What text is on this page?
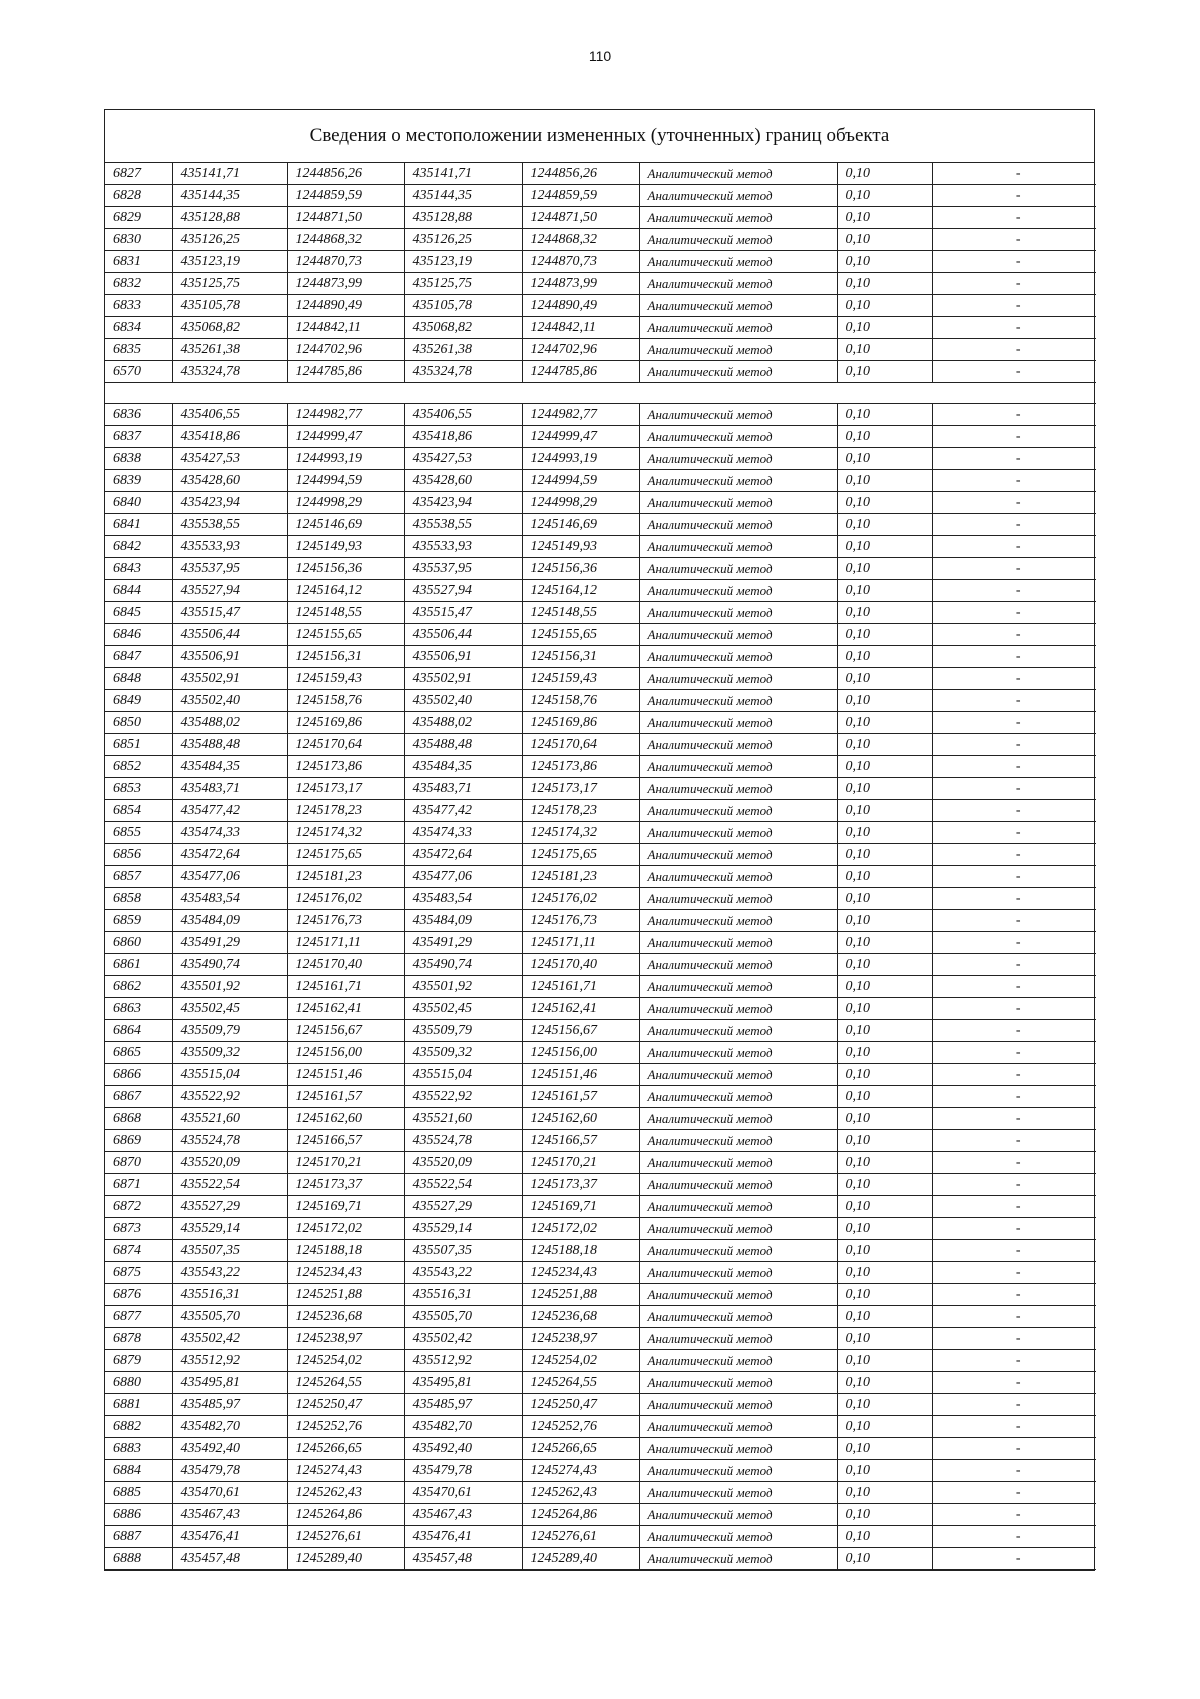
110
Сведения о местоположении измененных (уточненных) границ объекта
6827	435141,71	1244856,26	435141,71	1244856,26	Аналитический метод	0,10	-
6828	435144,35	1244859,59	435144,35	1244859,59	Аналитический метод	0,10	-
6829	435128,88	1244871,50	435128,88	1244871,50	Аналитический метод	0,10	-
6830	435126,25	1244868,32	435126,25	1244868,32	Аналитический метод	0,10	-
6831	435123,19	1244870,73	435123,19	1244870,73	Аналитический метод	0,10	-
6832	435125,75	1244873,99	435125,75	1244873,99	Аналитический метод	0,10	-
6833	435105,78	1244890,49	435105,78	1244890,49	Аналитический метод	0,10	-
6834	435068,82	1244842,11	435068,82	1244842,11	Аналитический метод	0,10	-
6835	435261,38	1244702,96	435261,38	1244702,96	Аналитический метод	0,10	-
6570	435324,78	1244785,86	435324,78	1244785,86	Аналитический метод	0,10	-

6836	435406,55	1244982,77	435406,55	1244982,77	Аналитический метод	0,10	-
6837	435418,86	1244999,47	435418,86	1244999,47	Аналитический метод	0,10	-
6838	435427,53	1244993,19	435427,53	1244993,19	Аналитический метод	0,10	-
6839	435428,60	1244994,59	435428,60	1244994,59	Аналитический метод	0,10	-
6840	435423,94	1244998,29	435423,94	1244998,29	Аналитический метод	0,10	-
6841	435538,55	1245146,69	435538,55	1245146,69	Аналитический метод	0,10	-
6842	435533,93	1245149,93	435533,93	1245149,93	Аналитический метод	0,10	-
6843	435537,95	1245156,36	435537,95	1245156,36	Аналитический метод	0,10	-
6844	435527,94	1245164,12	435527,94	1245164,12	Аналитический метод	0,10	-
6845	435515,47	1245148,55	435515,47	1245148,55	Аналитический метод	0,10	-
6846	435506,44	1245155,65	435506,44	1245155,65	Аналитический метод	0,10	-
6847	435506,91	1245156,31	435506,91	1245156,31	Аналитический метод	0,10	-
6848	435502,91	1245159,43	435502,91	1245159,43	Аналитический метод	0,10	-
6849	435502,40	1245158,76	435502,40	1245158,76	Аналитический метод	0,10	-
6850	435488,02	1245169,86	435488,02	1245169,86	Аналитический метод	0,10	-
6851	435488,48	1245170,64	435488,48	1245170,64	Аналитический метод	0,10	-
6852	435484,35	1245173,86	435484,35	1245173,86	Аналитический метод	0,10	-
6853	435483,71	1245173,17	435483,71	1245173,17	Аналитический метод	0,10	-
6854	435477,42	1245178,23	435477,42	1245178,23	Аналитический метод	0,10	-
6855	435474,33	1245174,32	435474,33	1245174,32	Аналитический метод	0,10	-
6856	435472,64	1245175,65	435472,64	1245175,65	Аналитический метод	0,10	-
6857	435477,06	1245181,23	435477,06	1245181,23	Аналитический метод	0,10	-
6858	435483,54	1245176,02	435483,54	1245176,02	Аналитический метод	0,10	-
6859	435484,09	1245176,73	435484,09	1245176,73	Аналитический метод	0,10	-
6860	435491,29	1245171,11	435491,29	1245171,11	Аналитический метод	0,10	-
6861	435490,74	1245170,40	435490,74	1245170,40	Аналитический метод	0,10	-
6862	435501,92	1245161,71	435501,92	1245161,71	Аналитический метод	0,10	-
6863	435502,45	1245162,41	435502,45	1245162,41	Аналитический метод	0,10	-
6864	435509,79	1245156,67	435509,79	1245156,67	Аналитический метод	0,10	-
6865	435509,32	1245156,00	435509,32	1245156,00	Аналитический метод	0,10	-
6866	435515,04	1245151,46	435515,04	1245151,46	Аналитический метод	0,10	-
6867	435522,92	1245161,57	435522,92	1245161,57	Аналитический метод	0,10	-
6868	435521,60	1245162,60	435521,60	1245162,60	Аналитический метод	0,10	-
6869	435524,78	1245166,57	435524,78	1245166,57	Аналитический метод	0,10	-
6870	435520,09	1245170,21	435520,09	1245170,21	Аналитический метод	0,10	-
6871	435522,54	1245173,37	435522,54	1245173,37	Аналитический метод	0,10	-
6872	435527,29	1245169,71	435527,29	1245169,71	Аналитический метод	0,10	-
6873	435529,14	1245172,02	435529,14	1245172,02	Аналитический метод	0,10	-
6874	435507,35	1245188,18	435507,35	1245188,18	Аналитический метод	0,10	-
6875	435543,22	1245234,43	435543,22	1245234,43	Аналитический метод	0,10	-
6876	435516,31	1245251,88	435516,31	1245251,88	Аналитический метод	0,10	-
6877	435505,70	1245236,68	435505,70	1245236,68	Аналитический метод	0,10	-
6878	435502,42	1245238,97	435502,42	1245238,97	Аналитический метод	0,10	-
6879	435512,92	1245254,02	435512,92	1245254,02	Аналитический метод	0,10	-
6880	435495,81	1245264,55	435495,81	1245264,55	Аналитический метод	0,10	-
6881	435485,97	1245250,47	435485,97	1245250,47	Аналитический метод	0,10	-
6882	435482,70	1245252,76	435482,70	1245252,76	Аналитический метод	0,10	-
6883	435492,40	1245266,65	435492,40	1245266,65	Аналитический метод	0,10	-
6884	435479,78	1245274,43	435479,78	1245274,43	Аналитический метод	0,10	-
6885	435470,61	1245262,43	435470,61	1245262,43	Аналитический метод	0,10	-
6886	435467,43	1245264,86	435467,43	1245264,86	Аналитический метод	0,10	-
6887	435476,41	1245276,61	435476,41	1245276,61	Аналитический метод	0,10	-
6888	435457,48	1245289,40	435457,48	1245289,40	Аналитический метод	0,10	-
